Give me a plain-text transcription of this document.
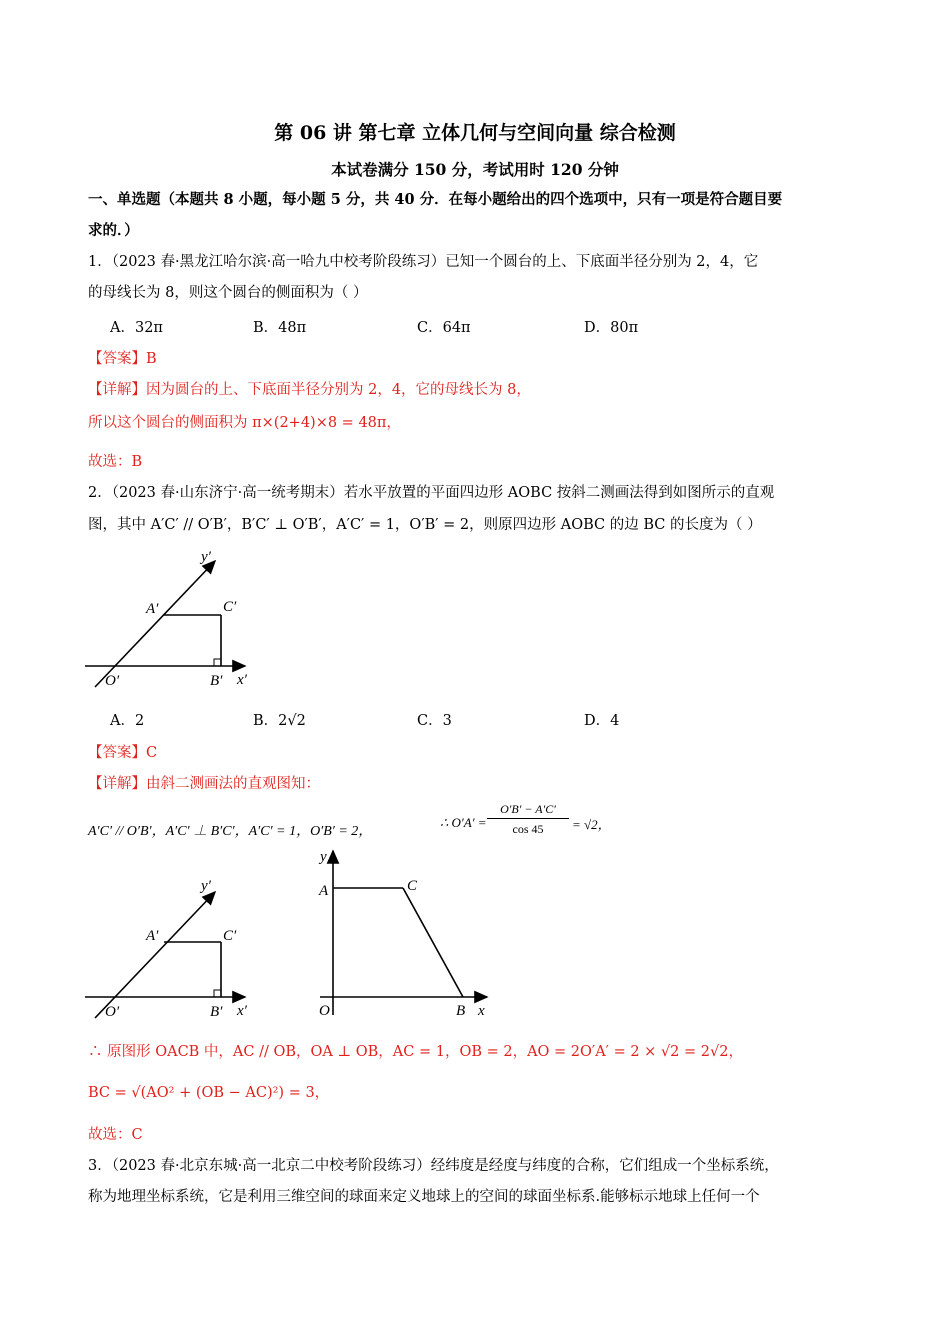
第 06 讲 第七章 立体几何与空间向量 综合检测
本试卷满分 150 分，考试用时 120 分钟
一、单选题（本题共 8 小题，每小题 5 分，共 40 分．在每小题给出的四个选项中，只有一项是符合题目要
求的．）
1．（2023 春·黑龙江哈尔滨·高一哈九中校考阶段练习）已知一个圆台的上、下底面半径分别为 2，4，它
的母线长为 8，则这个圆台的侧面积为（ ）
A．32π	B．48π	C．64π	D．80π
【答案】B
【详解】因为圆台的上、下底面半径分别为 2，4，它的母线长为 8，
所以这个圆台的侧面积为 π×(2+4)×8 = 48π，
故选：B
2．（2023 春·山东济宁·高一统考期末）若水平放置的平面四边形 AOBC 按斜二测画法得到如图所示的直观
图，其中 A′C′ // O′B′，B′C′ ⊥ O′B′，A′C′ = 1，O′B′ = 2，则原四边形 AOBC 的边 BC 的长度为（ ）
y′
x′
A′	C′
O′	B′
A．2	B．2√2	C．3	D．4
【答案】C
【详解】由斜二测画法的直观图知：
A′C′ // O′B′，A′C′ ⊥ B′C′，A′C′ = 1，O′B′ = 2，
∴ O′A′ =
O′B′ − A′C′
cos 45	= √2，
y′
x′
A′	C′
O′	B′
y
x
A	C
O	B
∴ 原图形 OACB 中，AC // OB，OA ⊥ OB，AC = 1，OB = 2，AO = 2O′A′ = 2 × √2 = 2√2，
BC = √(AO² + (OB − AC)²) = 3，
故选：C
3．（2023 春·北京东城·高一北京二中校考阶段练习）经纬度是经度与纬度的合称，它们组成一个坐标系统，
称为地理坐标系统，它是利用三维空间的球面来定义地球上的空间的球面坐标系.能够标示地球上任何一个
